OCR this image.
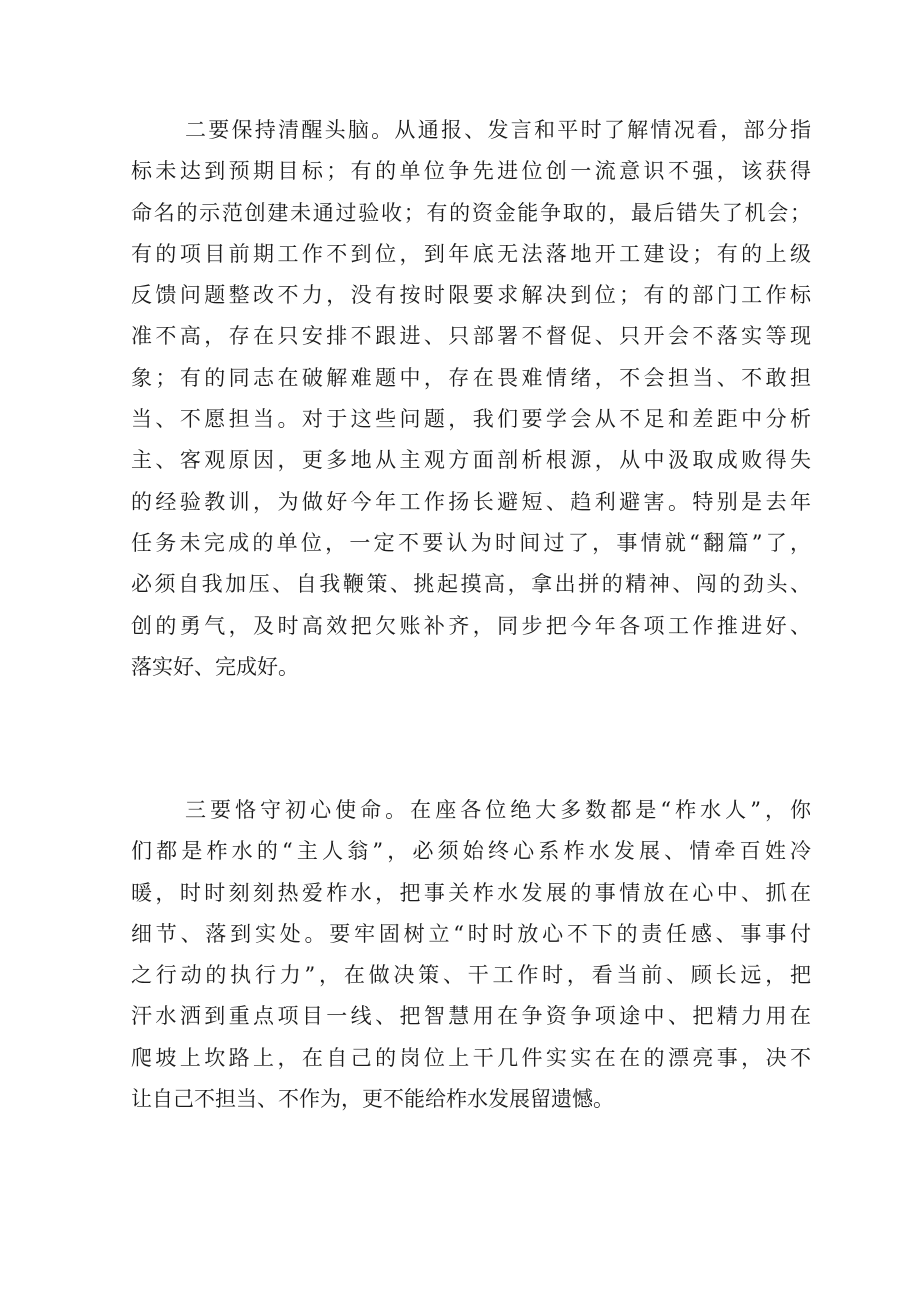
二要保持清醒头脑。从通报、发言和平时了解情况看，部分指
标未达到预期目标；有的单位争先进位创一流意识不强，该获得
命名的示范创建未通过验收；有的资金能争取的，最后错失了机会；
有的项目前期工作不到位，到年底无法落地开工建设；有的上级
反馈问题整改不力，没有按时限要求解决到位；有的部门工作标
准不高，存在只安排不跟进、只部署不督促、只开会不落实等现
象；有的同志在破解难题中，存在畏难情绪，不会担当、不敢担
当、不愿担当。对于这些问题，我们要学会从不足和差距中分析
主、客观原因，更多地从主观方面剖析根源，从中汲取成败得失
的经验教训，为做好今年工作扬长避短、趋利避害。特别是去年
任务未完成的单位，一定不要认为时间过了，事情就“翻篇”了，
必须自我加压、自我鞭策、挑起摸高，拿出拼的精神、闯的劲头、
创的勇气，及时高效把欠账补齐，同步把今年各项工作推进好、
落实好、完成好。
三要恪守初心使命。在座各位绝大多数都是“柞水人”，你
们都是柞水的“主人翁”，必须始终心系柞水发展、情牵百姓冷
暖，时时刻刻热爱柞水，把事关柞水发展的事情放在心中、抓在
细节、落到实处。要牢固树立“时时放心不下的责任感、事事付
之行动的执行力”，在做决策、干工作时，看当前、顾长远，把
汗水洒到重点项目一线、把智慧用在争资争项途中、把精力用在
爬坡上坎路上，在自己的岗位上干几件实实在在的漂亮事，决不
让自己不担当、不作为，更不能给柞水发展留遗憾。
